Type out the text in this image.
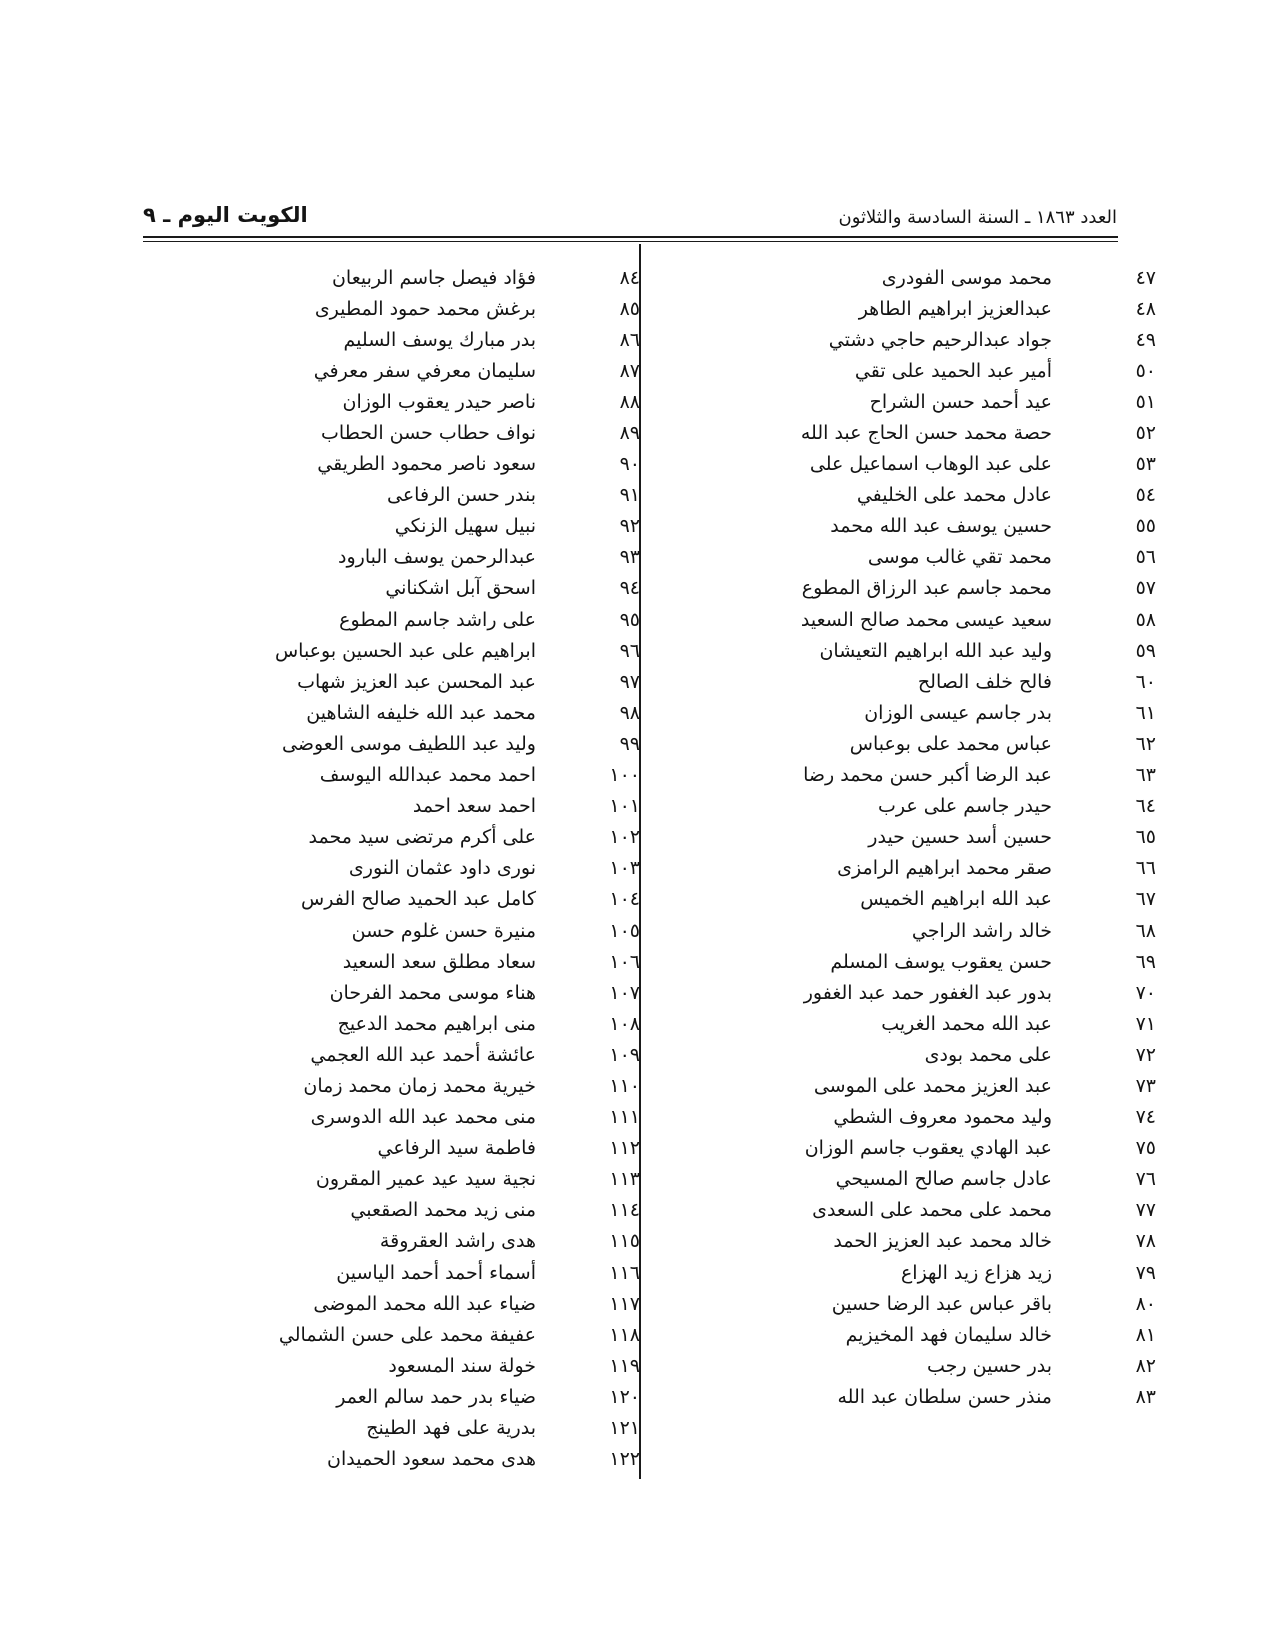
الكويت اليوم ـ ٩	العدد ١٨٦٣ ـ السنة السادسة والثلاثون
٤٧
محمد موسى الفودرى
٤٨
عبدالعزيز ابراهيم الطاهر
٤٩
جواد عبدالرحيم حاجي دشتي
٥٠
أمير عبد الحميد على تقي
٥١
عيد أحمد حسن الشراح
٥٢
حصة محمد حسن الحاج عبد الله
٥٣
على عبد الوهاب اسماعيل على
٥٤
عادل محمد على الخليفي
٥٥
حسين يوسف عبد الله محمد
٥٦
محمد تقي غالب موسى
٥٧
محمد جاسم عبد الرزاق المطوع
٥٨
سعيد عيسى محمد صالح السعيد
٥٩
وليد عبد الله ابراهيم التعيشان
٦٠
فالح خلف الصالح
٦١
بدر جاسم عيسى الوزان
٦٢
عباس محمد على بوعباس
٦٣
عبد الرضا أكبر حسن محمد رضا
٦٤
حيدر جاسم على عرب
٦٥
حسين أسد حسين حيدر
٦٦
صقر محمد ابراهيم الرامزى
٦٧
عبد الله ابراهيم الخميس
٦٨
خالد راشد الراجي
٦٩
حسن يعقوب يوسف المسلم
٧٠
بدور عبد الغفور حمد عبد الغفور
٧١
عبد الله محمد الغريب
٧٢
على محمد بودى
٧٣
عبد العزيز محمد على الموسى
٧٤
وليد محمود معروف الشطي
٧٥
عبد الهادي يعقوب جاسم الوزان
٧٦
عادل جاسم صالح المسيحي
٧٧
محمد على محمد على السعدى
٧٨
خالد محمد عبد العزيز الحمد
٧٩
زيد هزاع زيد الهزاع
٨٠
باقر عباس عبد الرضا حسين
٨١
خالد سليمان فهد المخيزيم
٨٢
بدر حسين رجب
٨٣
منذر حسن سلطان عبد الله
٨٤
فؤاد فيصل جاسم الربيعان
٨٥
برغش محمد حمود المطيرى
٨٦
بدر مبارك يوسف السليم
٨٧
سليمان معرفي سفر معرفي
٨٨
ناصر حيدر يعقوب الوزان
٨٩
نواف حطاب حسن الحطاب
٩٠
سعود ناصر محمود الطريقي
٩١
بندر حسن الرفاعى
٩٢
نبيل سهيل الزنكي
٩٣
عبدالرحمن يوسف البارود
٩٤
اسحق آبل اشكناني
٩٥
على راشد جاسم المطوع
٩٦
ابراهيم على عبد الحسين بوعباس
٩٧
عبد المحسن عبد العزيز شهاب
٩٨
محمد عبد الله خليفه الشاهين
٩٩
وليد عبد اللطيف موسى العوضى
١٠٠
احمد محمد عبدالله اليوسف
١٠١
احمد سعد احمد
١٠٢
على أكرم مرتضى سيد محمد
١٠٣
نورى داود عثمان النورى
١٠٤
كامل عبد الحميد صالح الفرس
١٠٥
منيرة حسن غلوم حسن
١٠٦
سعاد مطلق سعد السعيد
١٠٧
هناء موسى محمد الفرحان
١٠٨
منى ابراهيم محمد الدعيج
١٠٩
عائشة أحمد عبد الله العجمي
١١٠
خيرية محمد زمان محمد زمان
١١١
منى محمد عبد الله الدوسرى
١١٢
فاطمة سيد الرفاعي
١١٣
نجية سيد عيد عمير المقرون
١١٤
منى زيد محمد الصقعبي
١١٥
هدى راشد العقروقة
١١٦
أسماء أحمد أحمد الياسين
١١٧
ضياء عبد الله محمد الموضى
١١٨
عفيفة محمد على حسن الشمالي
١١٩
خولة سند المسعود
١٢٠
ضياء بدر حمد سالم العمر
١٢١
بدرية على فهد الطينج
١٢٢
هدى محمد سعود الحميدان
